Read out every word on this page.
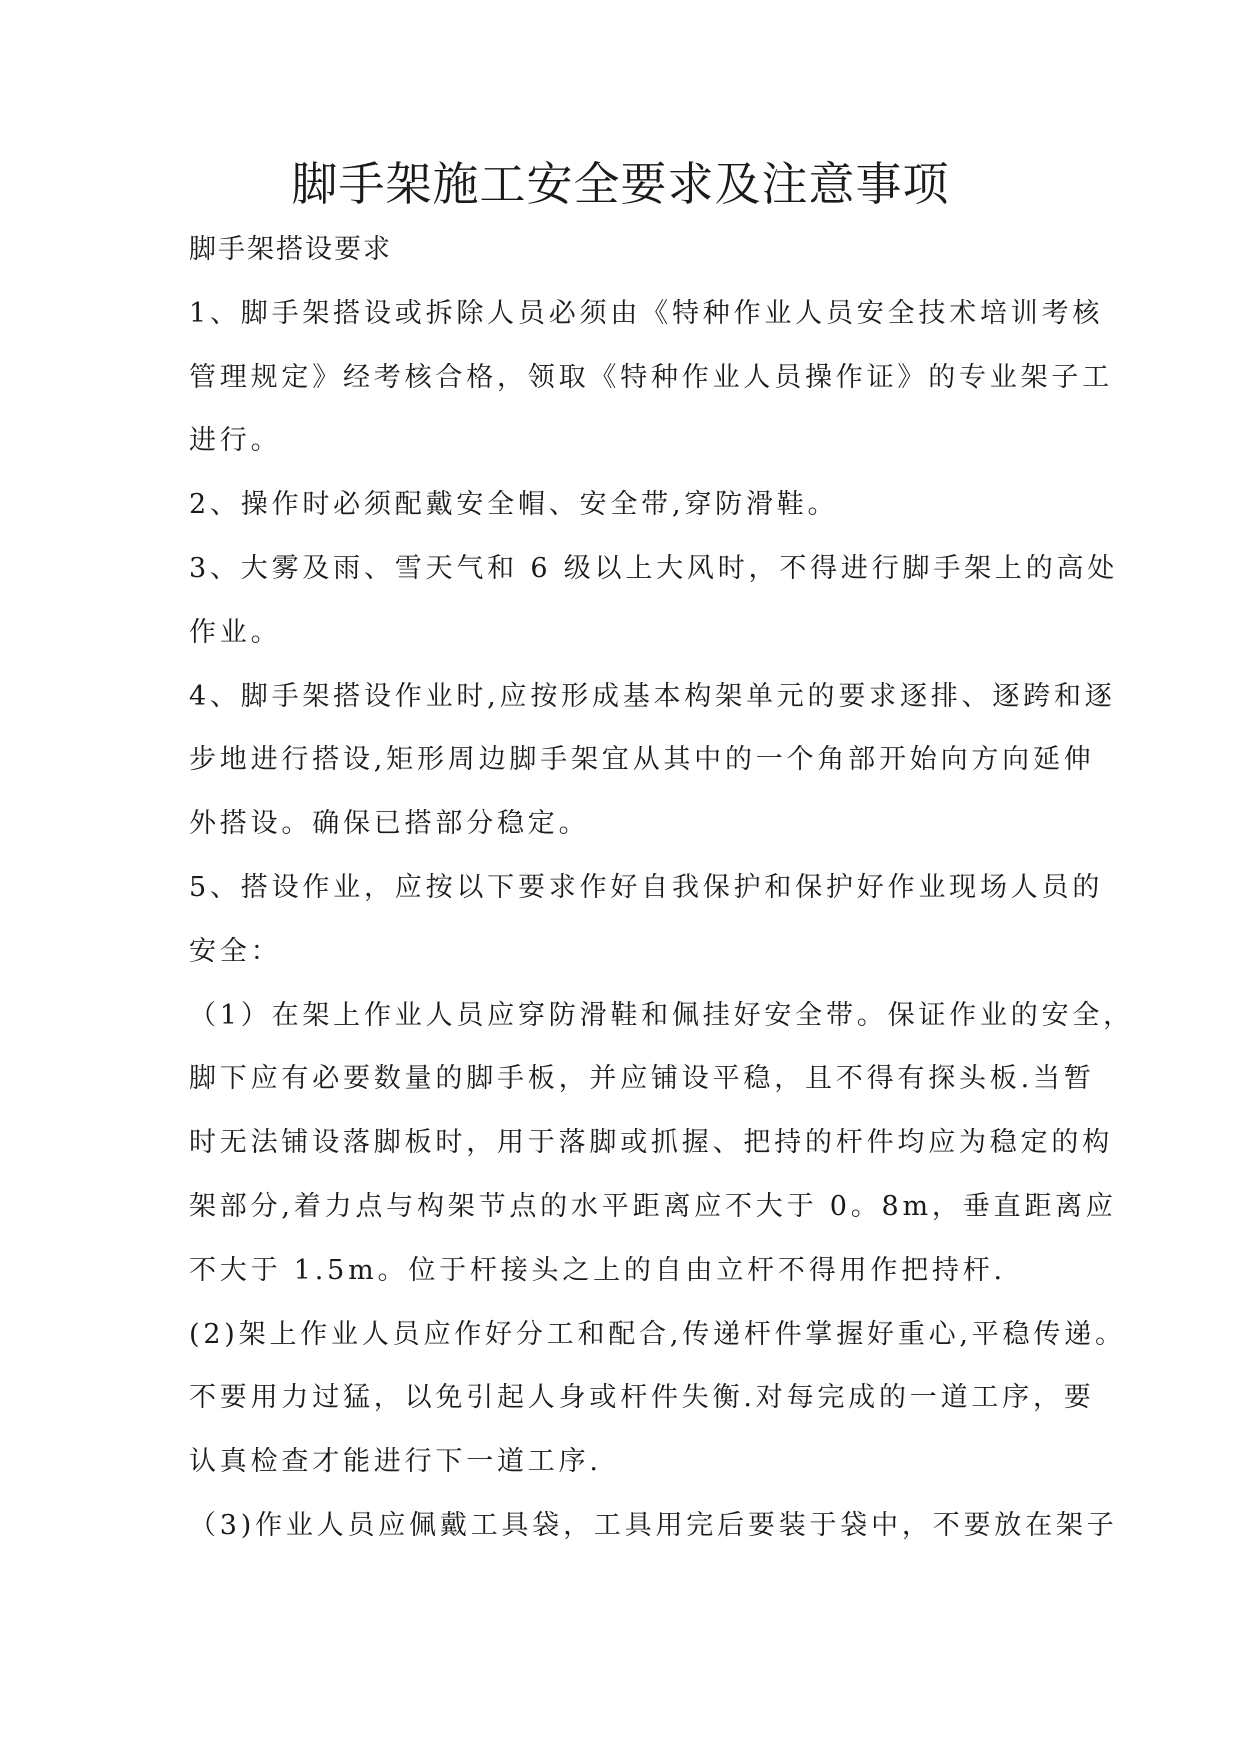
脚手架施工安全要求及注意事项

脚手架搭设要求

1、脚手架搭设或拆除人员必须由《特种作业人员安全技术培训考核

管理规定》经考核合格，领取《特种作业人员操作证》的专业架子工

进行。

2、操作时必须配戴安全帽、安全带,穿防滑鞋。

3、大雾及雨、雪天气和 6 级以上大风时，不得进行脚手架上的高处

作业。

4、脚手架搭设作业时,应按形成基本构架单元的要求逐排、逐跨和逐

步地进行搭设,矩形周边脚手架宜从其中的一个角部开始向方向延伸

外搭设。确保已搭部分稳定。

5、搭设作业，应按以下要求作好自我保护和保护好作业现场人员的

安全：

（1）在架上作业人员应穿防滑鞋和佩挂好安全带。保证作业的安全，

脚下应有必要数量的脚手板，并应铺设平稳，且不得有探头板.当暂

时无法铺设落脚板时，用于落脚或抓握、把持的杆件均应为稳定的构

架部分,着力点与构架节点的水平距离应不大于 0。8m，垂直距离应

不大于 1.5m。位于杆接头之上的自由立杆不得用作把持杆.

(2)架上作业人员应作好分工和配合,传递杆件掌握好重心,平稳传递。

不要用力过猛，以免引起人身或杆件失衡.对每完成的一道工序，要

认真检查才能进行下一道工序.

（3)作业人员应佩戴工具袋，工具用完后要装于袋中，不要放在架子
